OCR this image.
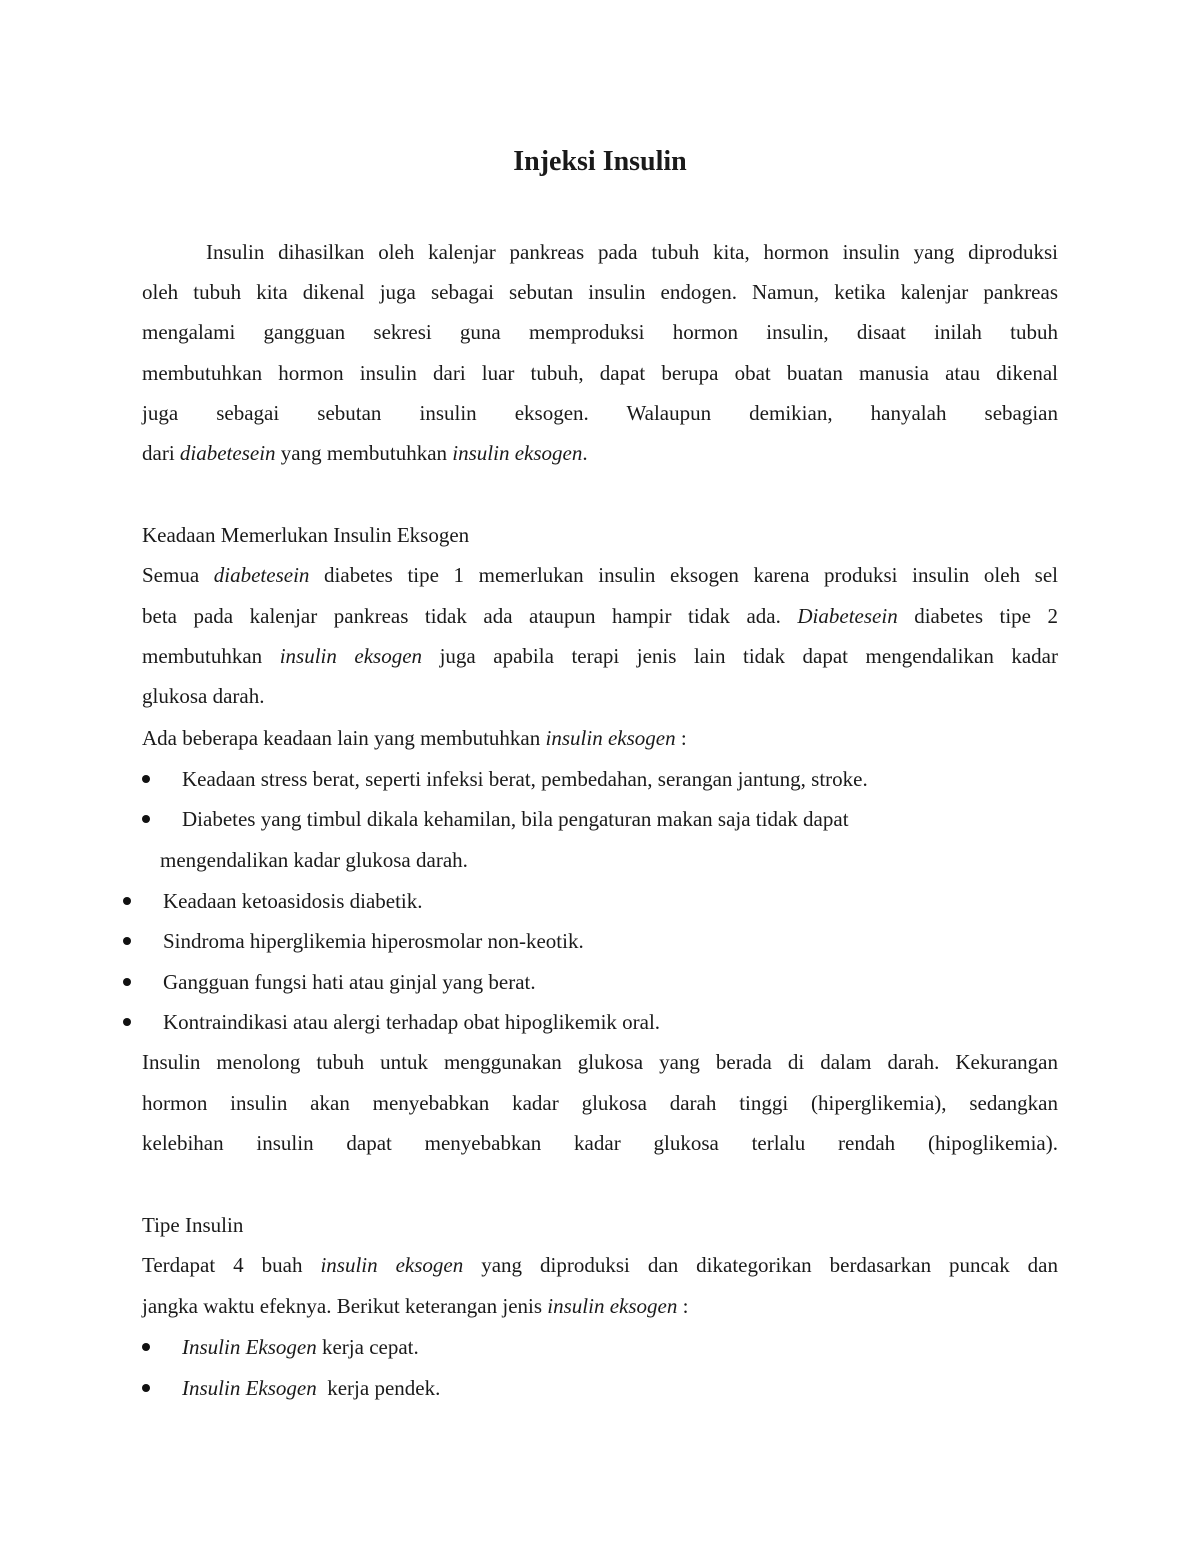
Injeksi Insulin
Insulin dihasilkan oleh kalenjar pankreas pada tubuh kita, hormon insulin yang diproduksi
oleh tubuh kita dikenal juga sebagai sebutan insulin endogen. Namun, ketika kalenjar pankreas
mengalami gangguan sekresi guna memproduksi hormon insulin, disaat inilah tubuh
membutuhkan hormon insulin dari luar tubuh, dapat berupa obat buatan manusia atau dikenal
juga sebagai sebutan insulin eksogen. Walaupun demikian, hanyalah sebagian
dari diabetesein yang membutuhkan insulin eksogen.
Keadaan Memerlukan Insulin Eksogen
Semua diabetesein diabetes tipe 1 memerlukan insulin eksogen karena produksi insulin oleh sel
beta pada kalenjar pankreas tidak ada ataupun hampir tidak ada. Diabetesein diabetes tipe 2
membutuhkan insulin eksogen juga apabila terapi jenis lain tidak dapat mengendalikan kadar
glukosa darah.
Ada beberapa keadaan lain yang membutuhkan insulin eksogen :
Keadaan stress berat, seperti infeksi berat, pembedahan, serangan jantung, stroke.
Diabetes yang timbul dikala kehamilan, bila pengaturan makan saja tidak dapat
mengendalikan kadar glukosa darah.
Keadaan ketoasidosis diabetik.
Sindroma hiperglikemia hiperosmolar non-keotik.
Gangguan fungsi hati atau ginjal yang berat.
Kontraindikasi atau alergi terhadap obat hipoglikemik oral.
Insulin menolong tubuh untuk menggunakan glukosa yang berada di dalam darah. Kekurangan
hormon insulin akan menyebabkan kadar glukosa darah tinggi (hiperglikemia), sedangkan
kelebihan insulin dapat menyebabkan kadar glukosa terlalu rendah (hipoglikemia).
Tipe Insulin
Terdapat 4 buah insulin eksogen yang diproduksi dan dikategorikan berdasarkan puncak dan
jangka waktu efeknya. Berikut keterangan jenis insulin eksogen :
Insulin Eksogen kerja cepat.
Insulin Eksogen  kerja pendek.
